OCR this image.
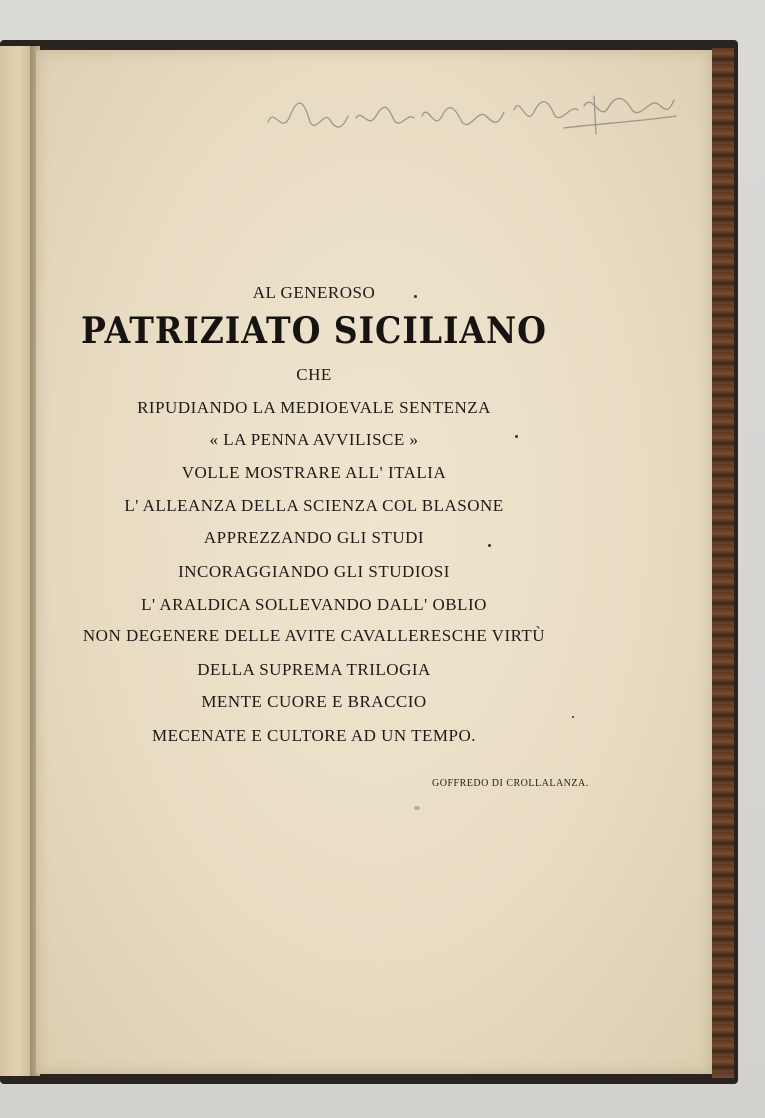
AL GENEROSO
PATRIZIATO SICILIANO
CHE
RIPUDIANDO LA MEDIOEVALE SENTENZA
« LA PENNA AVVILISCE »
VOLLE MOSTRARE ALL' ITALIA
L' ALLEANZA DELLA SCIENZA COL BLASONE
APPREZZANDO GLI STUDI
INCORAGGIANDO GLI STUDIOSI
L' ARALDICA SOLLEVANDO DALL' OBLIO
NON DEGENERE DELLE AVITE CAVALLERESCHE VIRTÙ
DELLA SUPREMA TRILOGIA
MENTE CUORE E BRACCIO
MECENATE E CULTORE AD UN TEMPO.
GOFFREDO DI CROLLALANZA.
